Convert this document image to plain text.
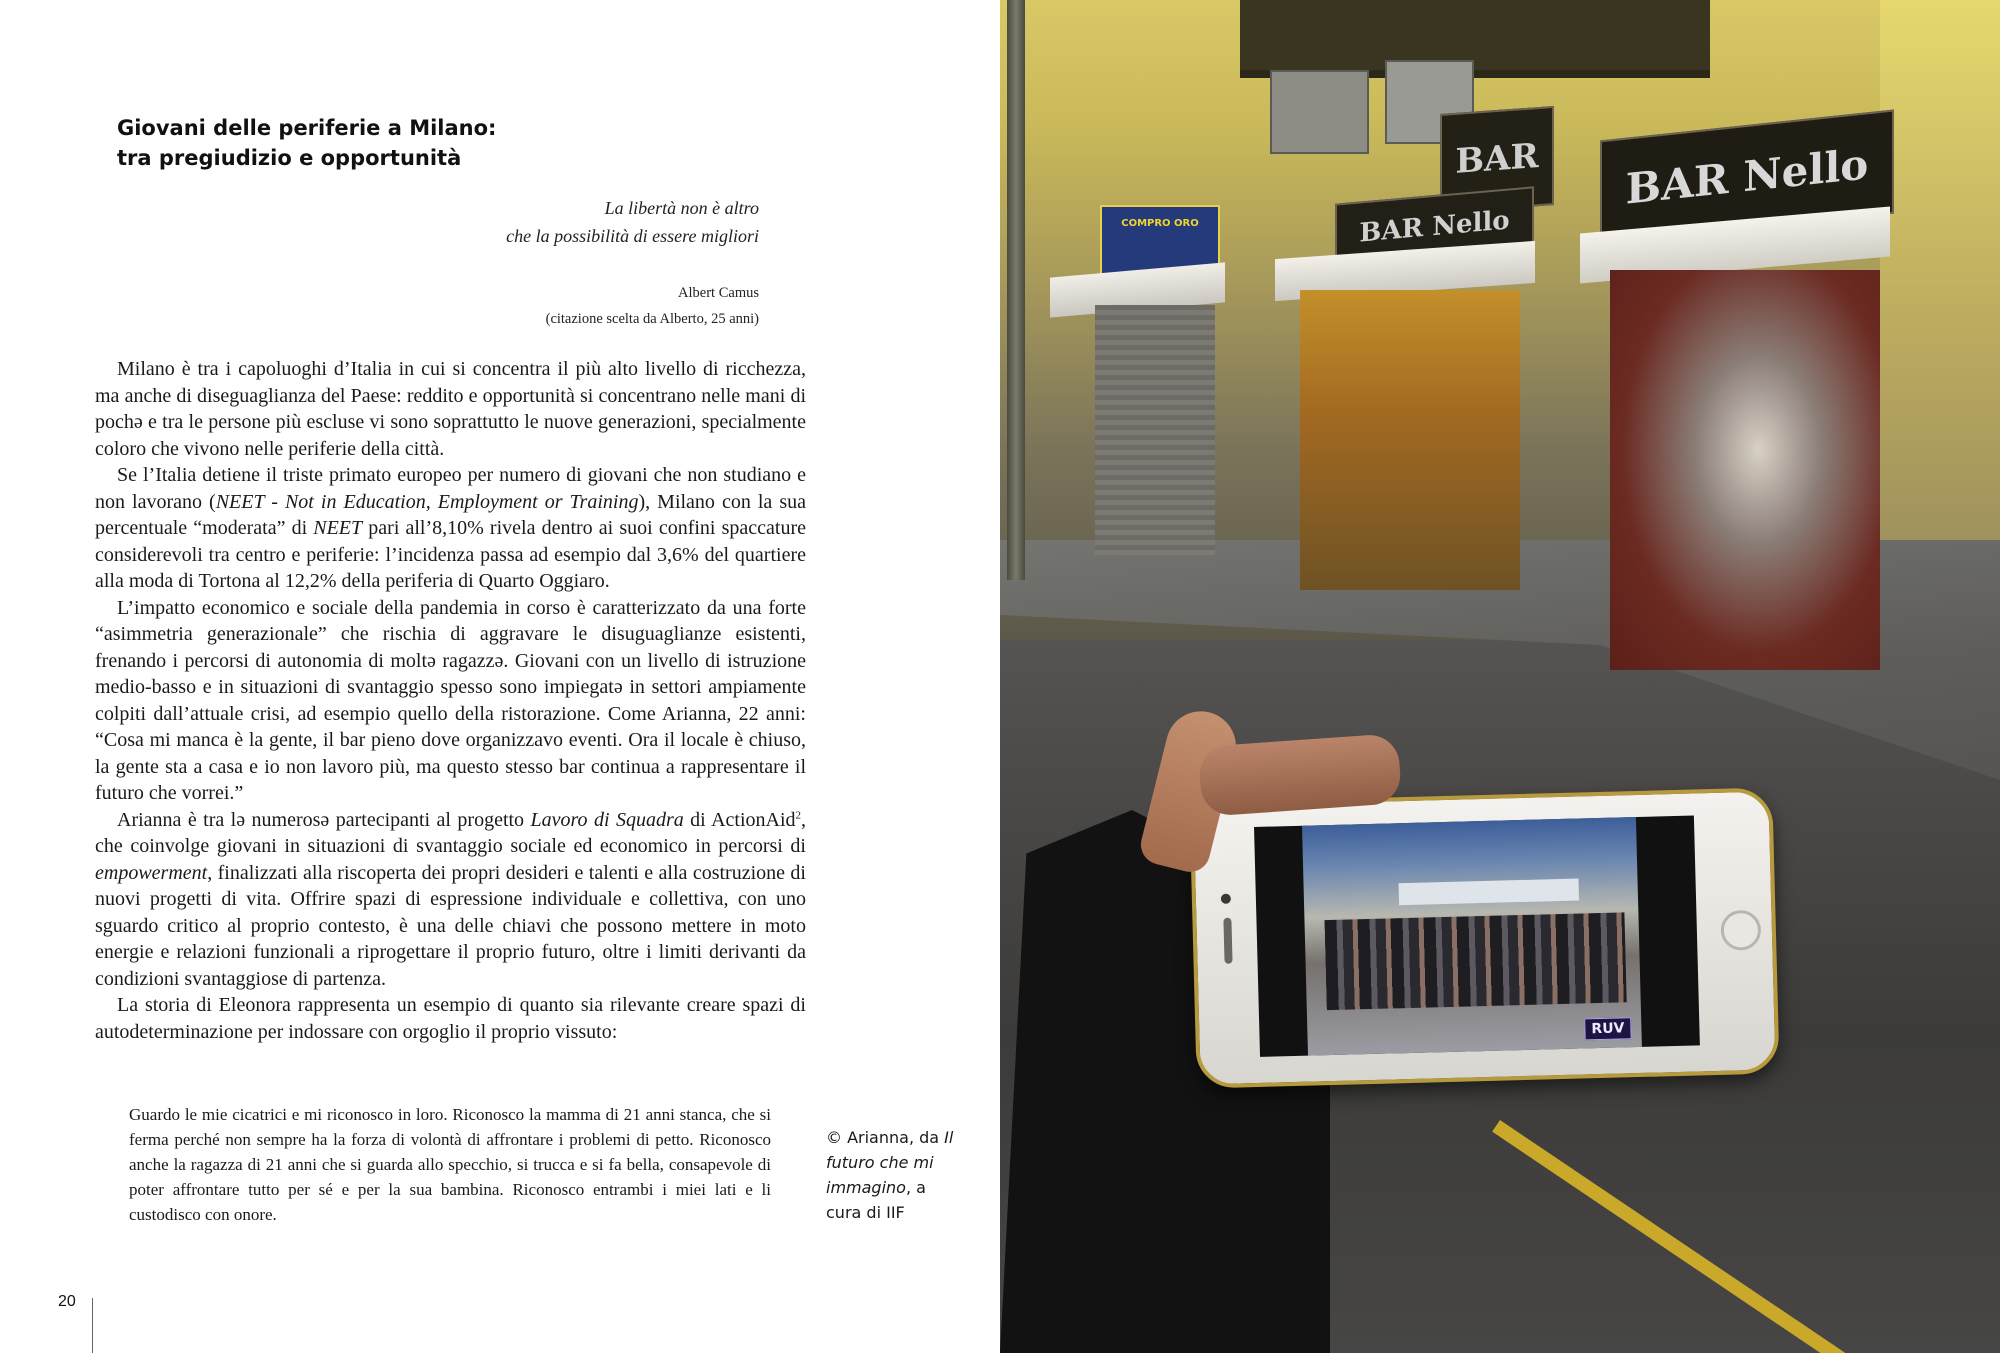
Giovani delle periferie a Milano:
tra pregiudizio e opportunità
La libertà non è altro
che la possibilità di essere migliori
Albert Camus
(citazione scelta da Alberto, 25 anni)

Milano è tra i capoluoghi d’Italia in cui si concentra il più alto livello di ricchezza, ma anche di diseguaglianza del Paese: reddito e opportunità si concentrano nelle mani di pochə e tra le persone più escluse vi sono soprattutto le nuove generazioni, specialmente coloro che vivono nelle periferie della città.

Se l’Italia detiene il triste primato europeo per numero di giovani che non studiano e non lavorano (NEET - Not in Education, Employment or Training), Milano con la sua percentuale “moderata” di NEET pari all’8,10% rivela dentro ai suoi confini spaccature considerevoli tra centro e periferie: l’incidenza passa ad esempio dal 3,6% del quartiere alla moda di Tortona al 12,2% della periferia di Quarto Oggiaro.

L’impatto economico e sociale della pandemia in corso è caratterizzato da una forte “asimmetria generazionale” che rischia di aggravare le disuguaglianze esistenti, frenando i percorsi di autonomia di moltə ragazzə. Giovani con un livello di istruzione medio-basso e in situazioni di svantaggio spesso sono impiegatə in settori ampiamente colpiti dall’attuale crisi, ad esempio quello della ristorazione. Come Arianna, 22 anni: “Cosa mi manca è la gente, il bar pieno dove organizzavo eventi. Ora il locale è chiuso, la gente sta a casa e io non lavoro più, ma questo stesso bar continua a rappresentare il futuro che vorrei.”

Arianna è tra lə numerosə partecipanti al progetto Lavoro di Squadra di ActionAid$^2$, che coinvolge giovani in situazioni di svantaggio sociale ed economico in percorsi di empowerment, finalizzati alla riscoperta dei propri desideri e talenti e alla costruzione di nuovi progetti di vita. Offrire spazi di espressione individuale e collettiva, con uno sguardo critico al proprio contesto, è una delle chiavi che possono mettere in moto energie e relazioni funzionali a riprogettare il proprio futuro, oltre i limiti derivanti da condizioni svantaggiose di partenza.

La storia di Eleonora rappresenta un esempio di quanto sia rilevante creare spazi di autodeterminazione per indossare con orgoglio il proprio vissuto:

Guardo le mie cicatrici e mi riconosco in loro. Riconosco la mamma di 21 anni stanca, che si ferma perché non sempre ha la forza di volontà di affrontare i problemi di petto. Riconosco anche la ragazza di 21 anni che si guarda allo specchio, si trucca e si fa bella, consapevole di poter affrontare tutto per sé e per la sua bambina. Riconosco entrambi i miei lati e li custodisco con onore.
© Arianna, da Il futuro che mi immagino, a cura di IIF
20
BAR	BAR Nello
BAR Nello
COMPRO ORO
RUV
